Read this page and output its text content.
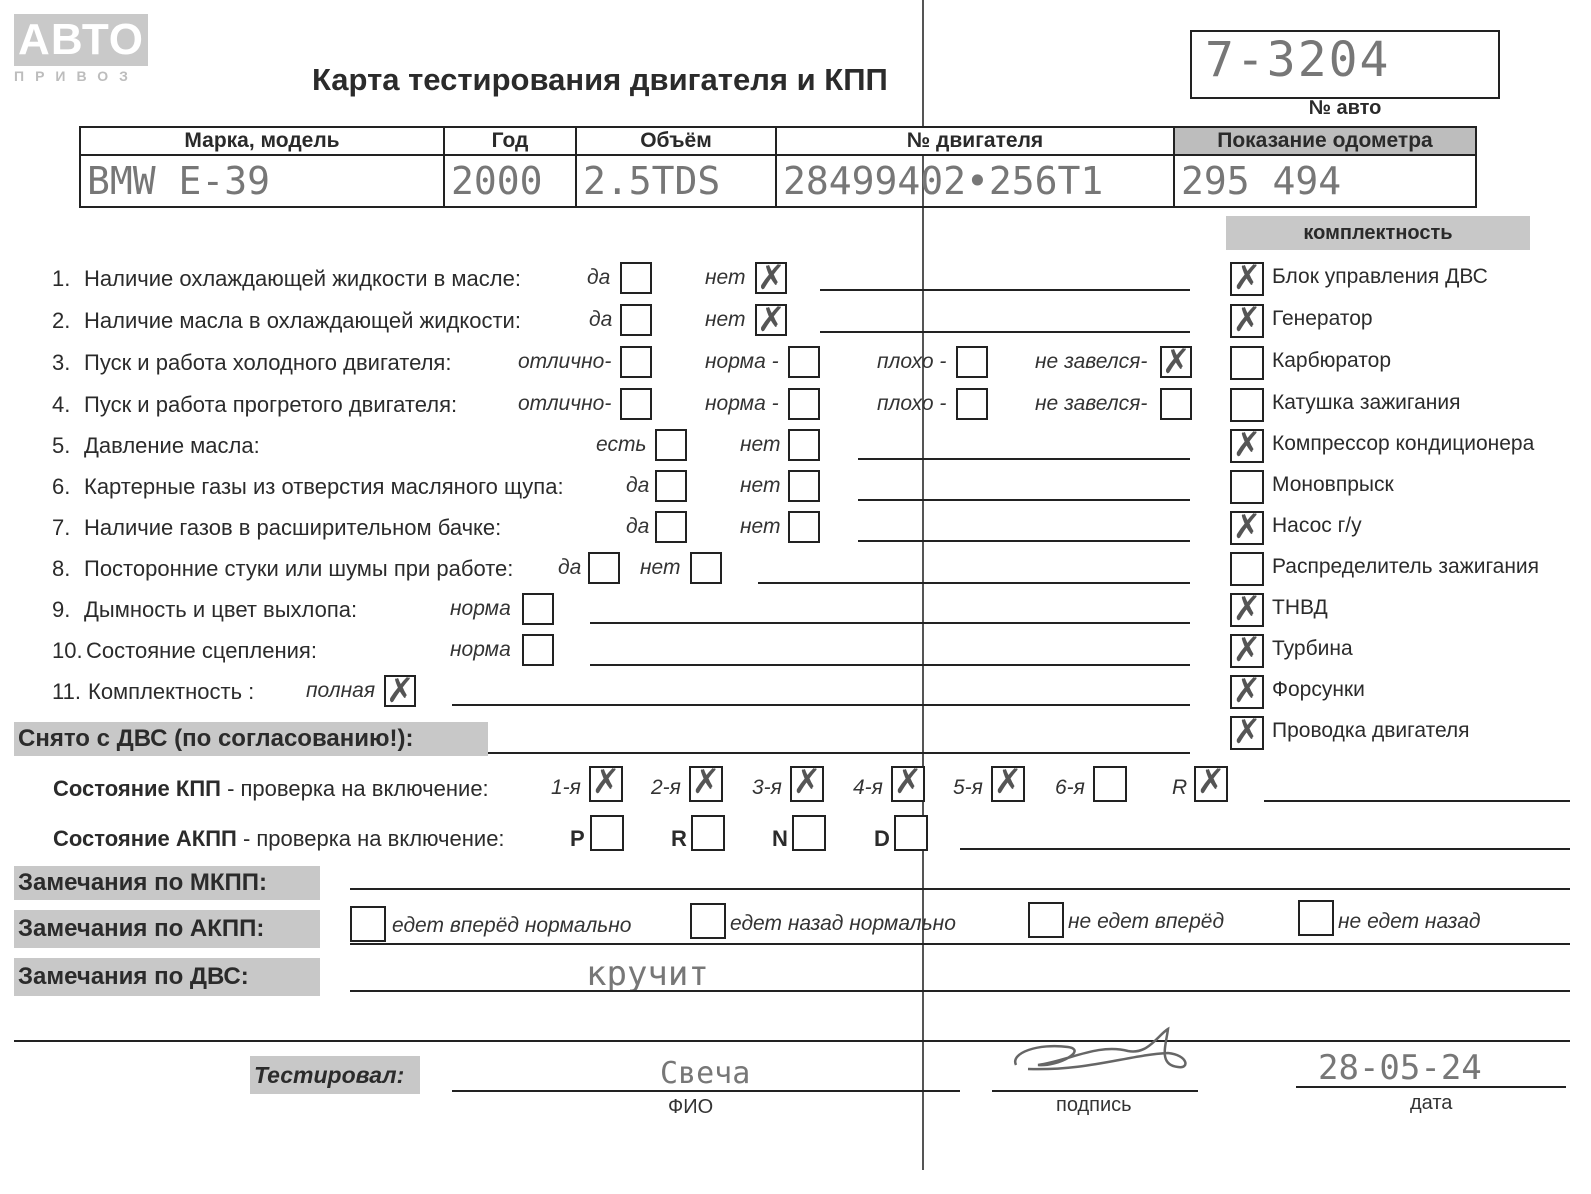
АВТО
ПРИВОЗ	Карта тестирования двигателя и КПП	7-3204
№ авто
Марка, модель	Год	Объём	№ двигателя	Показание одометра
BMW E-39	2000	2.5TDS	28499402•256T1	295 494
комплектность
✗ Блок управления ДВС
✗ Генератор
Карбюратор
Катушка зажигания
✗ Компрессор кондиционера
Моновпрыск
✗ Насос г/у
Распределитель зажигания
✗ ТНВД
✗ Турбина
✗ Форсунки
✗ Проводка двигателя
1. Наличие охлаждающей жидкости в масле:	да	нет ✗
2. Наличие масла в охлаждающей жидкости:	да	нет ✗
3. Пуск и работа холодного двигателя:	отлично-	норма -	плохо -	не завелся- ✗
4. Пуск и работа прогретого двигателя:	отлично-	норма -	плохо -	не завелся-
5. Давление масла:	есть	нет
6. Картерные газы из отверстия масляного щупа:	да	нет
7. Наличие газов в расширительном бачке:	да	нет
8. Посторонние стуки или шумы при работе: да	нет
9. Дымность и цвет выхлопа:	норма
10. Состояние сцепления:	норма
11. Комплектность : полная ✗
Снято с ДВС (по согласованию!):
Состояние КПП - проверка на включение:	1-я ✗ 2-я ✗ 3-я ✗ 4-я ✗ 5-я ✗ 6-я	R ✗
Состояние АКПП - проверка на включение:	P	R	N	D
Замечания по МКПП:
Замечания по АКПП:	едет вперёд нормально	едет назад нормально	не едет вперёд	не едет назад
Замечания по ДВС:	кручит
Тестировал:	Свеча
ФИО	подпись
28-05-24
дата
